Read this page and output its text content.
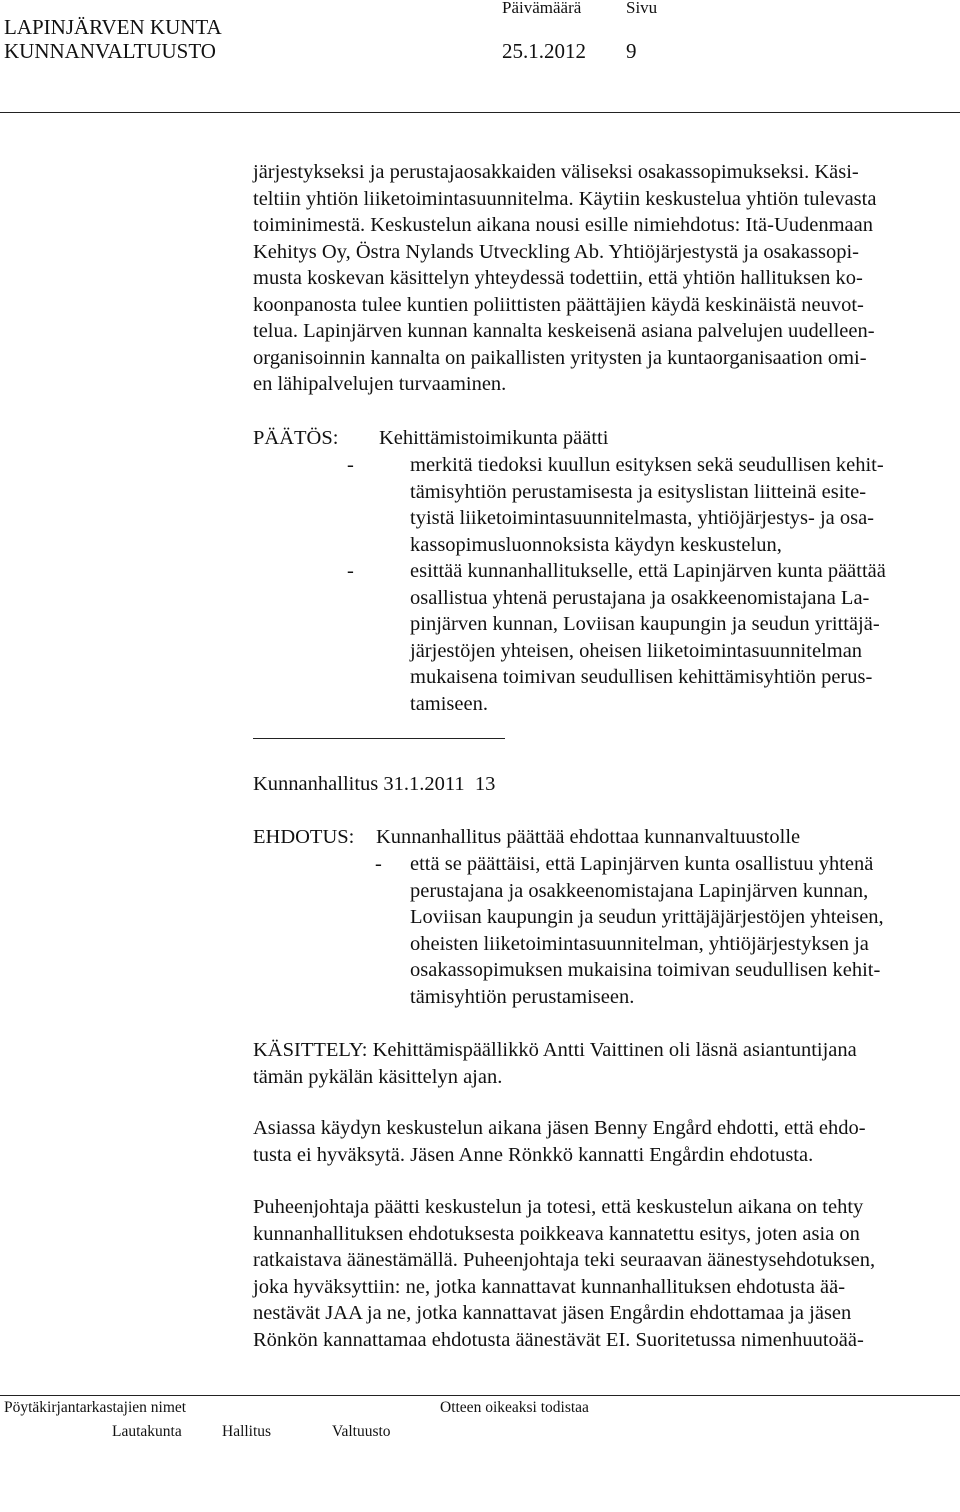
LAPINJÄRVEN KUNTA
KUNNANVALTUUSTO
Päivämäärä	Sivu
25.1.2012 9
järjestykseksi ja perustajaosakkaiden väliseksi osakassopimukseksi. Käsi-
teltiin yhtiön liiketoimintasuunnitelma. Käytiin keskustelua yhtiön tulevasta
toiminimestä. Keskustelun aikana nousi esille nimiehdotus: Itä-Uudenmaan
Kehitys Oy, Östra Nylands Utveckling Ab. Yhtiöjärjestystä ja osakassopi-
musta koskevan käsittelyn yhteydessä todettiin, että yhtiön hallituksen ko-
koonpanosta tulee kuntien poliittisten päättäjien käydä keskinäistä neuvot-
telua. Lapinjärven kunnan kannalta keskeisenä asiana palvelujen uudelleen-
organisoinnin kannalta on paikallisten yritysten ja kuntaorganisaation omi-
en lähipalvelujen turvaaminen.
PÄÄTÖS: Kehittämistoimikunta päätti
-	merkitä tiedoksi kuullun esityksen sekä seudullisen kehit-
tämisyhtiön perustamisesta ja esityslistan liitteinä esite-
tyistä liiketoimintasuunnitelmasta, yhtiöjärjestys- ja osa-
kassopimusluonnoksista käydyn keskustelun,
-	esittää kunnanhallitukselle, että Lapinjärven kunta päättää
osallistua yhtenä perustajana ja osakkeenomistajana La-
pinjärven kunnan, Loviisan kaupungin ja seudun yrittäjä-
järjestöjen yhteisen, oheisen liiketoimintasuunnitelman
mukaisena toimivan seudullisen kehittämisyhtiön perus-
tamiseen.
Kunnanhallitus 31.1.2011  13
EHDOTUS: Kunnanhallitus päättää ehdottaa kunnanvaltuustolle
- että se päättäisi, että Lapinjärven kunta osallistuu yhtenä
perustajana ja osakkeenomistajana Lapinjärven kunnan,
Loviisan kaupungin ja seudun yrittäjäjärjestöjen yhteisen,
oheisten liiketoimintasuunnitelman, yhtiöjärjestyksen ja
osakassopimuksen mukaisina toimivan seudullisen kehit-
tämisyhtiön perustamiseen.
KÄSITTELY: Kehittämispäällikkö Antti Vaittinen oli läsnä asiantuntijana
tämän pykälän käsittelyn ajan.
Asiassa käydyn keskustelun aikana jäsen Benny Engård ehdotti, että ehdo-
tusta ei hyväksytä. Jäsen Anne Rönkkö kannatti Engårdin ehdotusta.
Puheenjohtaja päätti keskustelun ja totesi, että keskustelun aikana on tehty
kunnanhallituksen ehdotuksesta poikkeava kannatettu esitys, joten asia on
ratkaistava äänestämällä. Puheenjohtaja teki seuraavan äänestysehdotuksen,
joka hyväksyttiin: ne, jotka kannattavat kunnanhallituksen ehdotusta ää-
nestävät JAA ja ne, jotka kannattavat jäsen Engårdin ehdottamaa ja jäsen
Rönkön kannattamaa ehdotusta äänestävät EI. Suoritetussa nimenhuutoää-
Pöytäkirjantarkastajien nimet	Otteen oikeaksi todistaa
Lautakunta	Hallitus	Valtuusto
